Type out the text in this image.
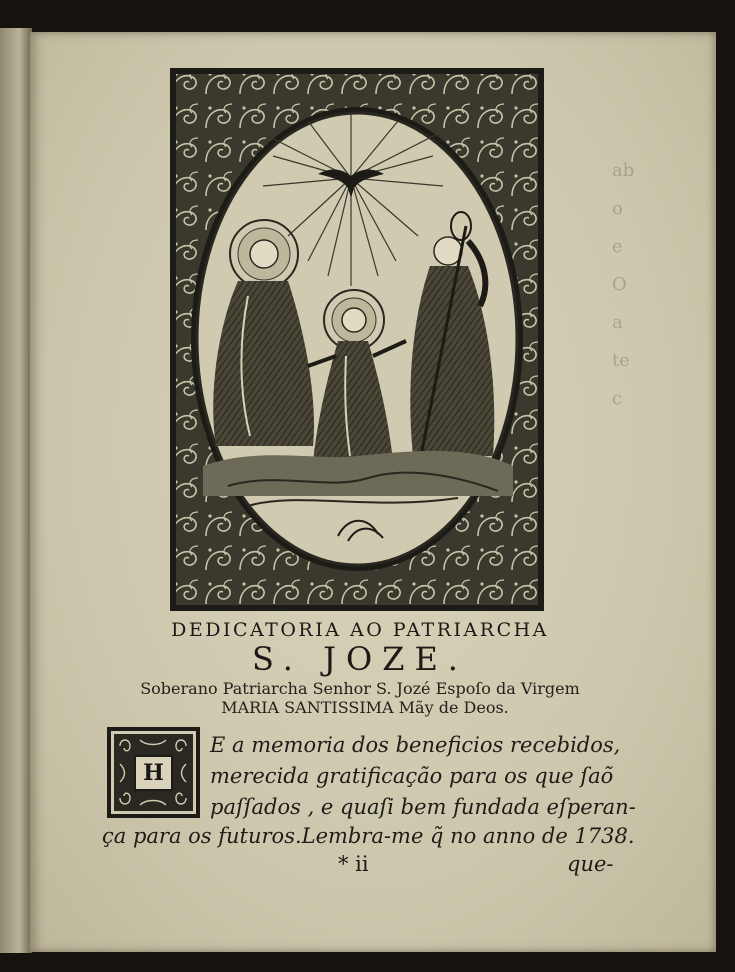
ab
o
e
O
a
te
c
DEDICATORIA AO PATRIARCHA
S. JOZE.
Soberano Patriarcha Senhor S. Jozé Espoſo da Virgem
MARIA SANTISSIMA Mãy de Deos.
H
E a memoria dos beneficios recebidos,
merecida gratificação para os que ſaõ
paſſados , e quaſi bem fundada eſperan-
ça para os futuros.Lembra-me q̃ no anno de 1738.
* ii	que-
